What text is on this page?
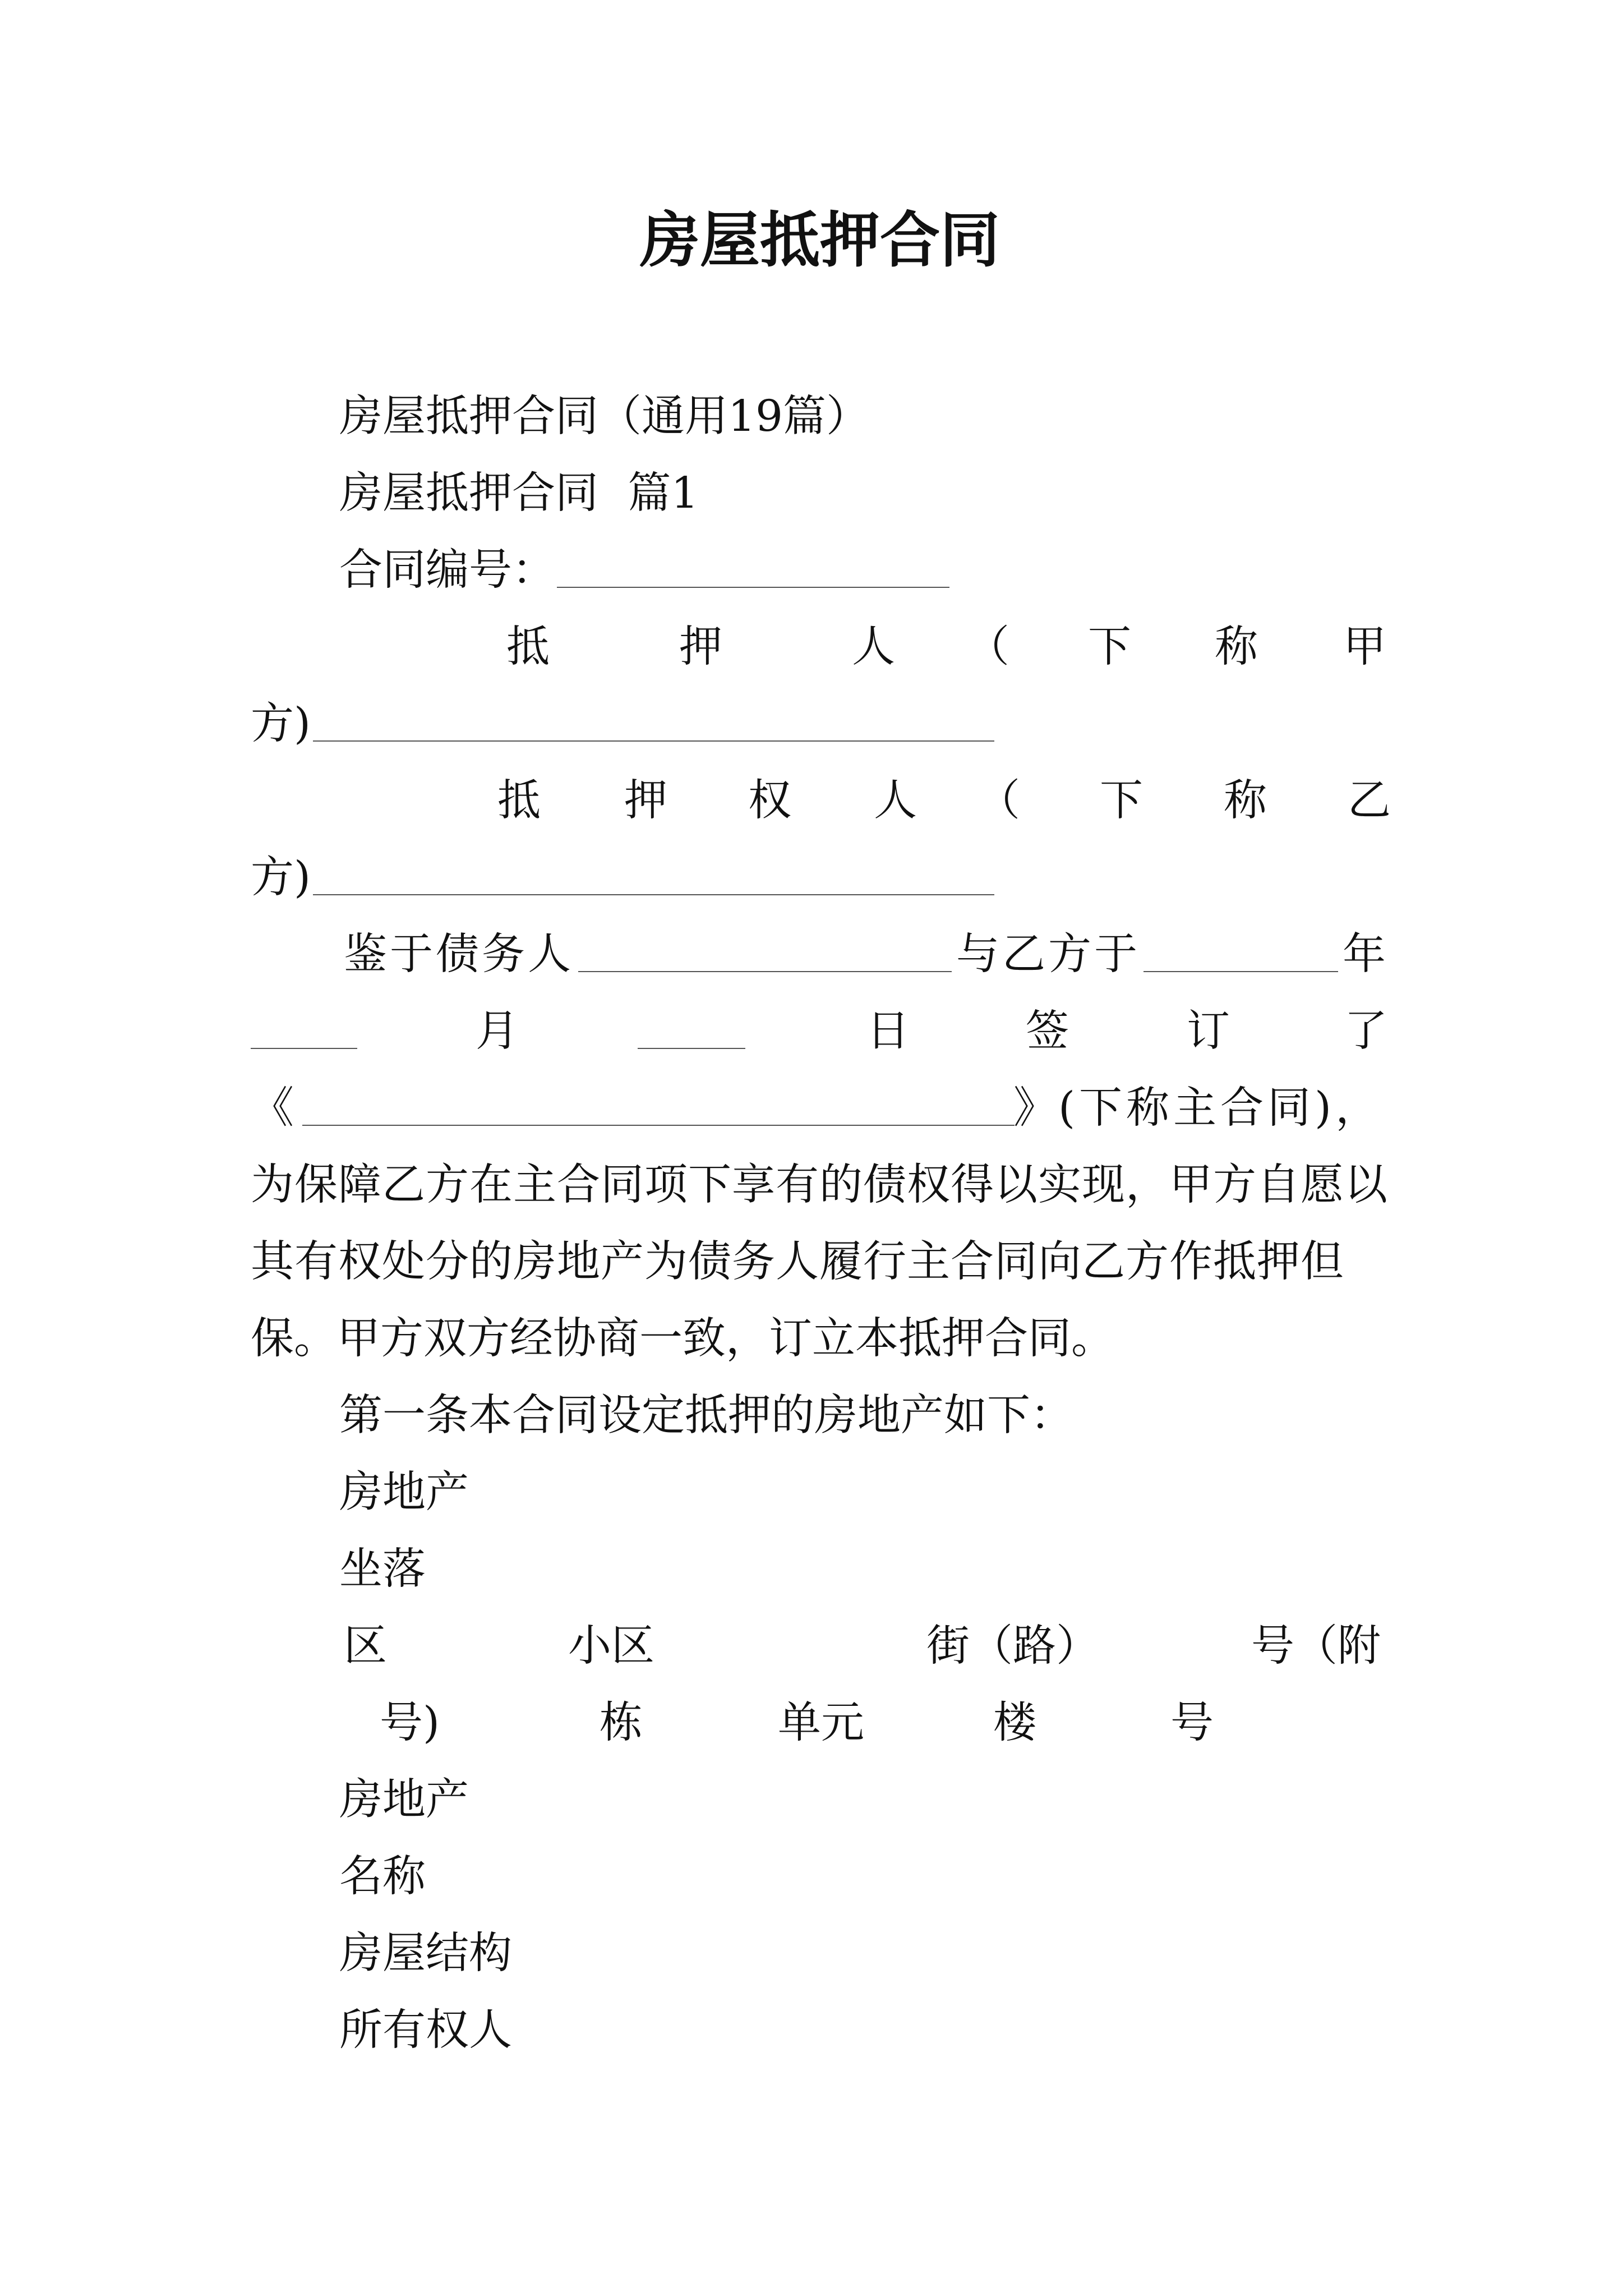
房屋抵押合同
房屋抵押合同（通用19篇）
房屋抵押合同 篇1
合同编号：
抵	押	人 （ 下 称 甲
方)
抵 押 权 人 （ 下 称 乙
方)
鉴于债务人	与乙方于	年
月	日	签	订	了
《	》 (下称主合同)，
为保障乙方在主合同项下享有的债权得以实现，甲方自愿以
其有权处分的房地产为债务人履行主合同向乙方作抵押但
保。甲方双方经协商一致，订立本抵押合同。
第一条本合同设定抵押的房地产如下：
房地产
坐落
区	小区	街（路）	号（附
号)	栋	单元	楼	号
房地产
名称
房屋结构
所有权人
